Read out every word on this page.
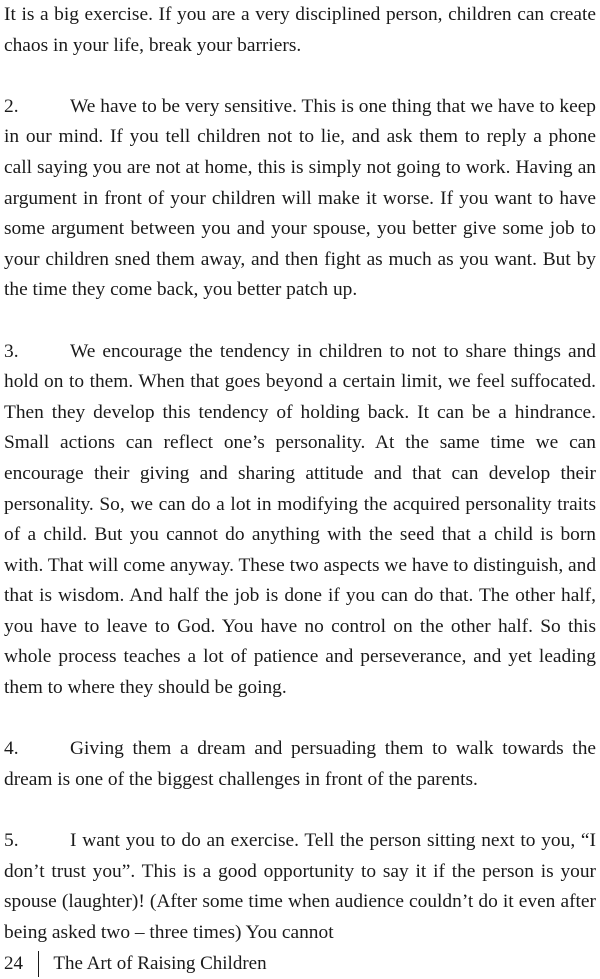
It is a big exercise. If you are a very disciplined person, children can create chaos in your life, break your barriers.

2.	We have to be very sensitive. This is one thing that we have to keep in our mind. If you tell children not to lie, and ask them to reply a phone call saying you are not at home, this is simply not going to work. Having an argument in front of your children will make it worse. If you want to have some argument between you and your spouse, you better give some job to your children sned them away, and then fight as much as you want. But by the time they come back, you better patch up.

3.	We encourage the tendency in children to not to share things and hold on to them. When that goes beyond a certain limit, we feel suffocated. Then they develop this tendency of holding back. It can be a hindrance. Small actions can reflect one’s personality. At the same time we can encourage their giving and sharing attitude and that can develop their personality. So, we can do a lot in modifying the acquired personality traits of a child. But you cannot do anything with the seed that a child is born with. That will come anyway. These two aspects we have to distinguish, and that is wisdom. And half the job is done if you can do that. The other half, you have to leave to God. You have no control on the other half. So this whole process teaches a lot of patience and perseverance, and yet leading them to where they should be going.

4.	Giving them a dream and persuading them to walk towards the dream is one of the biggest challenges in front of the parents.

5.	I want you to do an exercise. Tell the person sitting next to you, “I don’t trust you”. This is a good opportunity to say it if the person is your spouse (laughter)! (After some time when audience couldn’t do it even after being asked two – three times) You cannot

24	The Art of Raising Children
